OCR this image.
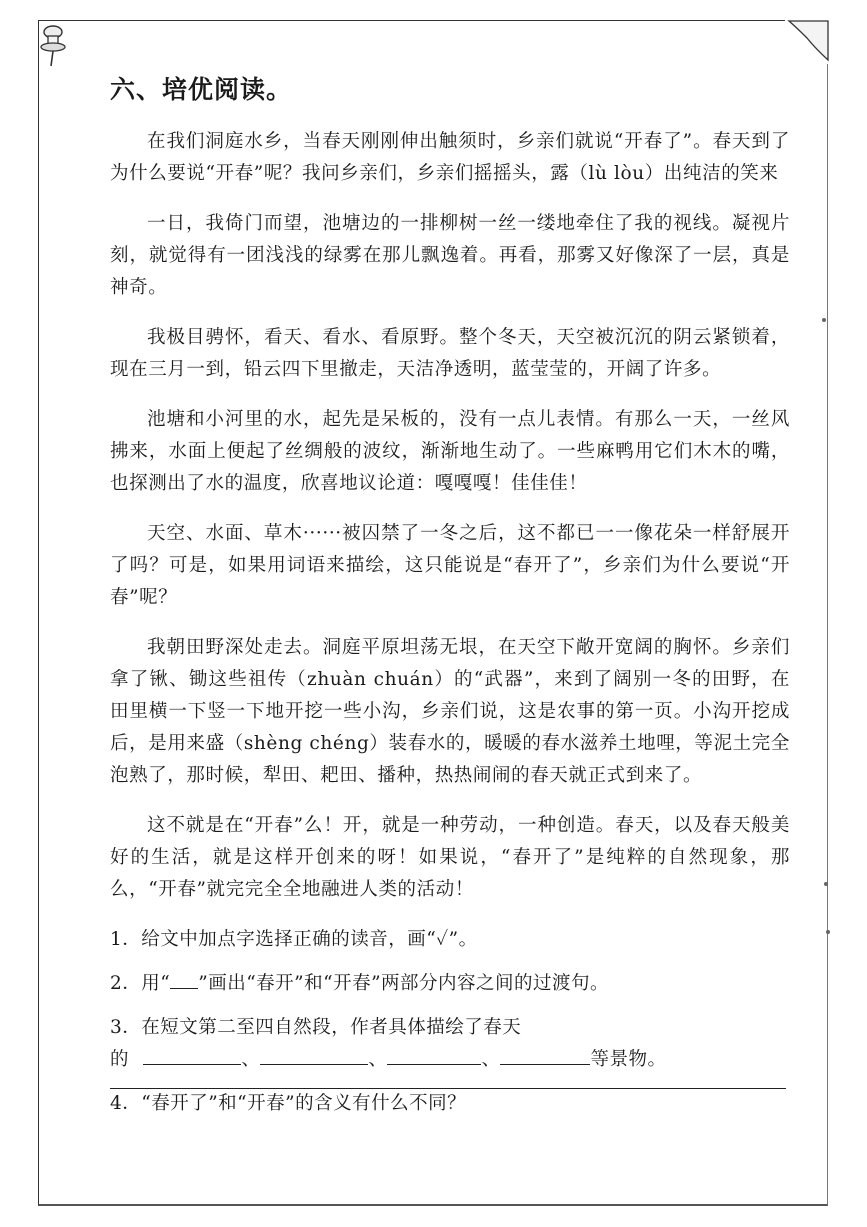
六、培优阅读。

在我们洞庭水乡，当春天刚刚伸出触须时，乡亲们就说“开春了”。春天到了为什么要说“开春”呢？我问乡亲们，乡亲们摇摇头，露（lù lòu）出纯洁的笑来

一日，我倚门而望，池塘边的一排柳树一丝一缕地牵住了我的视线。凝视片刻，就觉得有一团浅浅的绿雾在那儿飘逸着。再看，那雾又好像深了一层，真是神奇。

我极目骋怀，看天、看水、看原野。整个冬天，天空被沉沉的阴云紧锁着，现在三月一到，铅云四下里撤走，天洁净透明，蓝莹莹的，开阔了许多。

池塘和小河里的水，起先是呆板的，没有一点儿表情。有那么一天，一丝风拂来，水面上便起了丝绸般的波纹，渐渐地生动了。一些麻鸭用它们木木的嘴，也探测出了水的温度，欣喜地议论道：嘎嘎嘎！佳佳佳！

天空、水面、草木······被囚禁了一冬之后，这不都已一一像花朵一样舒展开了吗？可是，如果用词语来描绘，这只能说是“春开了”，乡亲们为什么要说“开春”呢？

我朝田野深处走去。洞庭平原坦荡无垠，在天空下敞开宽阔的胸怀。乡亲们拿了锹、锄这些祖传（zhuàn chuán）的“武器”，来到了阔别一冬的田野，在田里横一下竖一下地开挖一些小沟，乡亲们说，这是农事的第一页。小沟开挖成后，是用来盛（shèng chéng）装春水的，暖暖的春水滋养土地哩，等泥土完全泡熟了，那时候，犁田、耙田、播种，热热闹闹的春天就正式到来了。

这不就是在“开春”么！开，就是一种劳动，一种创造。春天，以及春天般美好的生活，就是这样开创来的呀！如果说，“春开了”是纯粹的自然现象，那么，“开春”就完完全全地融进人类的活动！

1．给文中加点字选择正确的读音，画“✓”。
2．用“ ”画出“春开”和“开春”两部分内容之间的过渡句。
3．在短文第二至四自然段，作者具体描绘了春天
的	、	、	、	等景物。
4．“春开了”和“开春”的含义有什么不同？
